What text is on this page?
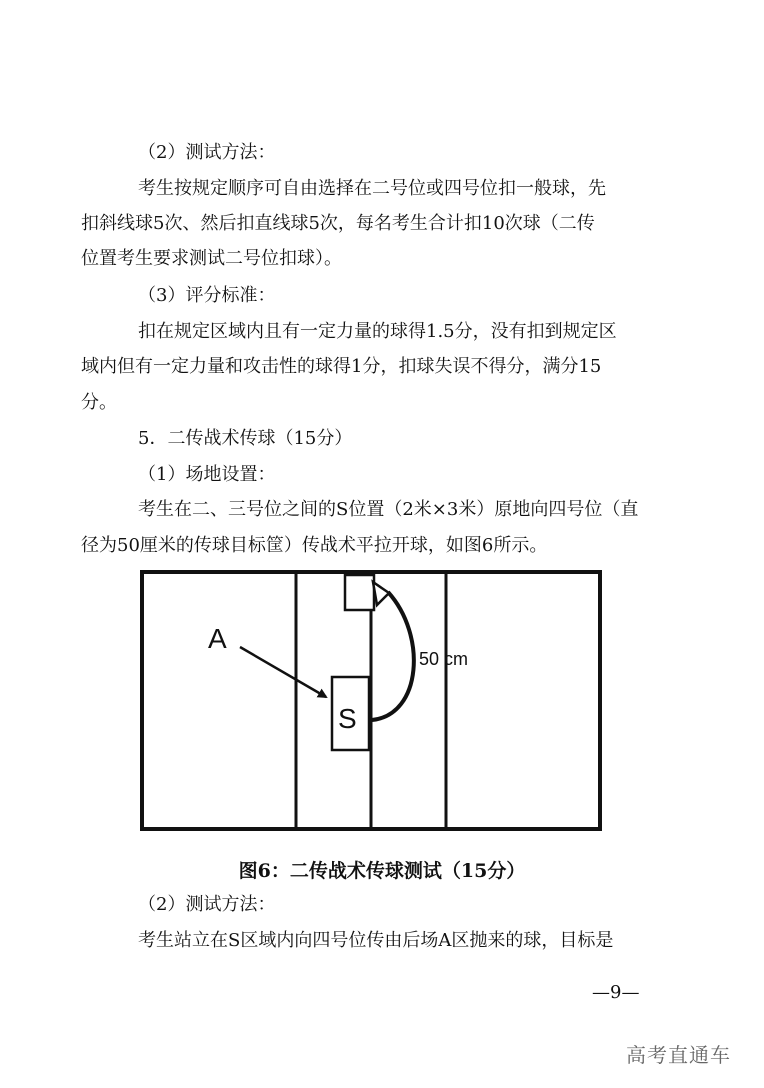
（2）测试方法：
考生按规定顺序可自由选择在二号位或四号位扣一般球，先
扣斜线球5次、然后扣直线球5次，每名考生合计扣10次球（二传
位置考生要求测试二号位扣球）。
（3）评分标准：
扣在规定区域内且有一定力量的球得1.5分，没有扣到规定区
域内但有一定力量和攻击性的球得1分，扣球失误不得分，满分15
分。
5．二传战术传球（15分）
（1）场地设置：
考生在二、三号位之间的S位置（2米×3米）原地向四号位（直
径为50厘米的传球目标筐）传战术平拉开球，如图6所示。
A
S
50 cm
图6：二传战术传球测试（15分）
（2）测试方法：
考生站立在S区域内向四号位传由后场A区抛来的球，目标是
—9—
高考直通车
